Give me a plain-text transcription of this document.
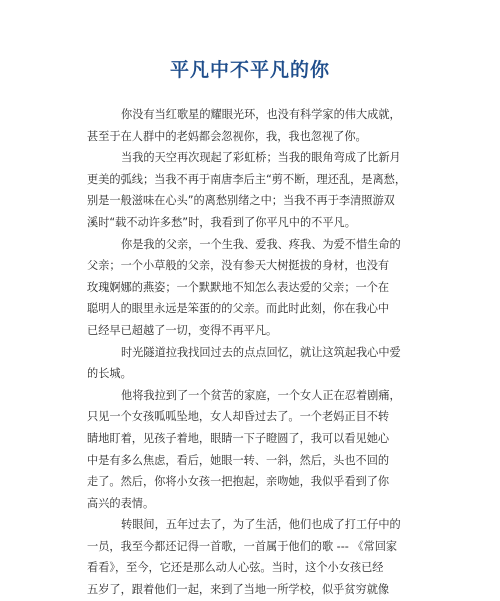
平凡中不平凡的你

你没有当红歌星的耀眼光环，也没有科学家的伟大成就，
甚至于在人群中的老妈都会忽视你，我，我也忽视了你。

当我的天空再次现起了彩虹桥；当我的眼角弯成了比新月
更美的弧线；当我不再于南唐李后主“剪不断，理还乱，是离愁，
别是一般滋味在心头”的离愁别绪之中；当我不再于李清照游双
溪时“载不动许多愁”时，我看到了你平凡中的不平凡。

你是我的父亲，一个生我、爱我、疼我、为爱不惜生命的
父亲；一个小草般的父亲，没有参天大树挺拔的身材，也没有
玫瑰婀娜的燕姿；一个默默地不知怎么表达爱的父亲；一个在
聪明人的眼里永远是笨蛋的的父亲。而此时此刻，你在我心中
已经早已超越了一切，变得不再平凡。

时光隧道拉我找回过去的点点回忆，就让这筑起我心中爱
的长城。

他将我拉到了一个贫苦的家庭，一个女人正在忍着剧痛，
只见一个女孩呱呱坠地，女人却昏过去了。一个老妈正目不转
睛地盯着，见孩子着地，眼睛一下子瞪圆了，我可以看见她心
中是有多么焦虑，看后，她眼一转、一斜，然后，头也不回的
走了。然后，你将小女孩一把抱起，亲吻她，我似乎看到了你
高兴的表情。

转眼间，五年过去了，为了生活，他们也成了打工仔中的
一员，我至今都还记得一首歌，一首属于他们的歌 --- 《常回家
看看》，至今，它还是那么动人心弦。当时，这个小女孩已经
五岁了，跟着他们一起，来到了当地一所学校，似乎贫穷就像
